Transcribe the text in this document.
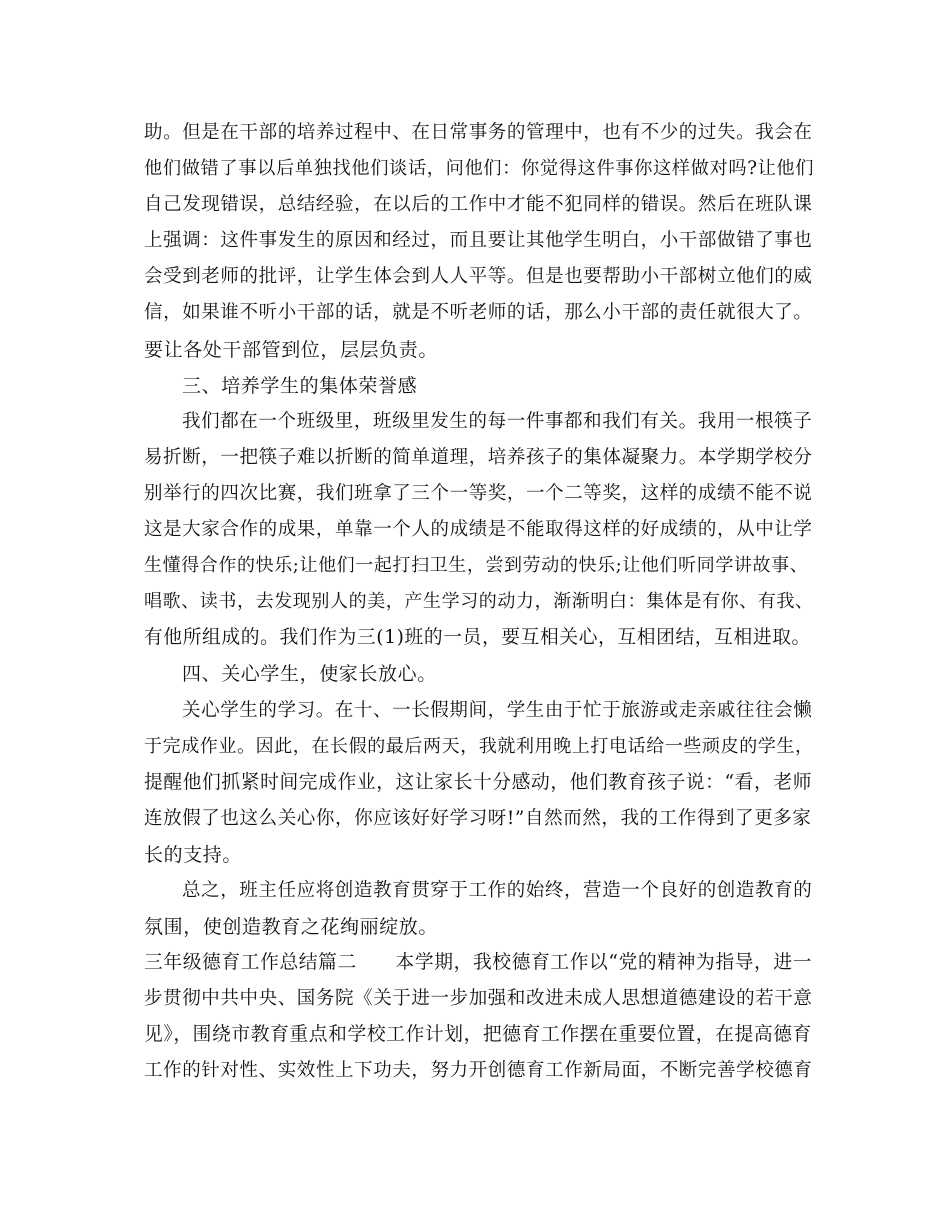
助。但是在干部的培养过程中、在日常事务的管理中，也有不少的过失。我会在
他们做错了事以后单独找他们谈话，问他们：你觉得这件事你这样做对吗?让他们
自己发现错误，总结经验，在以后的工作中才能不犯同样的错误。然后在班队课
上强调：这件事发生的原因和经过，而且要让其他学生明白，小干部做错了事也
会受到老师的批评，让学生体会到人人平等。但是也要帮助小干部树立他们的威
信，如果谁不听小干部的话，就是不听老师的话，那么小干部的责任就很大了。
要让各处干部管到位，层层负责。
三、培养学生的集体荣誉感
我们都在一个班级里，班级里发生的每一件事都和我们有关。我用一根筷子
易折断，一把筷子难以折断的简单道理，培养孩子的集体凝聚力。本学期学校分
别举行的四次比赛，我们班拿了三个一等奖，一个二等奖，这样的成绩不能不说
这是大家合作的成果，单靠一个人的成绩是不能取得这样的好成绩的，从中让学
生懂得合作的快乐;让他们一起打扫卫生，尝到劳动的快乐;让他们听同学讲故事、
唱歌、读书，去发现别人的美，产生学习的动力，渐渐明白：集体是有你、有我、
有他所组成的。我们作为三(1)班的一员，要互相关心，互相团结，互相进取。
四、关心学生，使家长放心。
关心学生的学习。在十、一长假期间，学生由于忙于旅游或走亲戚往往会懒
于完成作业。因此，在长假的最后两天，我就利用晚上打电话给一些顽皮的学生，
提醒他们抓紧时间完成作业，这让家长十分感动，他们教育孩子说：“看，老师
连放假了也这么关心你，你应该好好学习呀!”自然而然，我的工作得到了更多家
长的支持。
总之，班主任应将创造教育贯穿于工作的始终，营造一个良好的创造教育的
氛围，使创造教育之花绚丽绽放。
三年级德育工作总结篇二　　本学期，我校德育工作以“党的精神为指导，进一
步贯彻中共中央、国务院《关于进一步加强和改进未成人思想道德建设的若干意
见》，围绕市教育重点和学校工作计划，把德育工作摆在重要位置，在提高德育
工作的针对性、实效性上下功夫，努力开创德育工作新局面，不断完善学校德育
